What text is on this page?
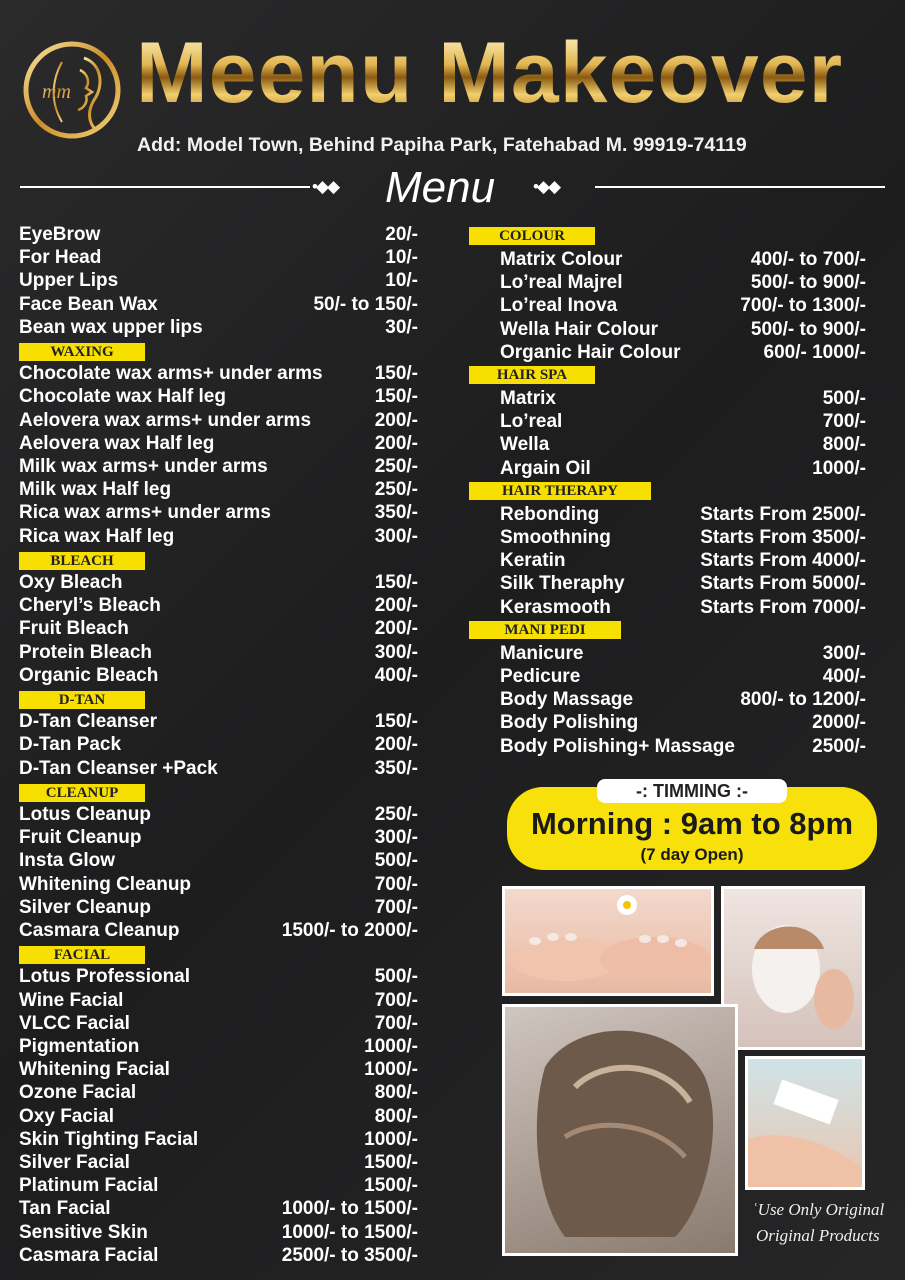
mm Meenu Makeover
Add: Model Town, Behind Papiha Park, Fatehabad M. 99919-74119
•◆◆ Menu •◆◆
EyeBrow	20/-
For Head	10/-
Upper Lips	10/-
Face Bean Wax	50/- to 150/-
Bean wax upper lips	30/-
WAXING
Chocolate wax arms+ under arms	150/-
Chocolate wax Half leg	150/-
Aelovera wax arms+ under arms	200/-
Aelovera wax Half leg	200/-
Milk wax arms+ under arms	250/-
Milk wax Half leg	250/-
Rica wax arms+ under arms	350/-
Rica wax Half leg	300/-
BLEACH
Oxy Bleach	150/-
Cheryl’s Bleach	200/-
Fruit Bleach	200/-
Protein Bleach	300/-
Organic Bleach	400/-
D-TAN
D-Tan Cleanser	150/-
D-Tan Pack	200/-
D-Tan Cleanser +Pack	350/-
CLEANUP
Lotus Cleanup	250/-
Fruit Cleanup	300/-
Insta Glow	500/-
Whitening Cleanup	700/-
Silver Cleanup	700/-
Casmara Cleanup	1500/- to 2000/-
FACIAL
Lotus Professional	500/-
Wine Facial	700/-
VLCC Facial	700/-
Pigmentation	1000/-
Whitening Facial	1000/-
Ozone Facial	800/-
Oxy Facial	800/-
Skin Tighting Facial	1000/-
Silver Facial	1500/-
Platinum Facial	1500/-
Tan Facial	1000/- to 1500/-
Sensitive Skin	1000/- to 1500/-
Casmara Facial	2500/- to 3500/-
COLOUR
Matrix Colour	400/- to 700/-
Lo’real Majrel	500/- to 900/-
Lo’real Inova	700/- to 1300/-
Wella Hair Colour	500/- to 900/-
Organic Hair Colour	600/- 1000/-
HAIR SPA
Matrix	500/-
Lo’real	700/-
Wella	800/-
Argain Oil	1000/-
HAIR THERAPY
Rebonding	Starts From 2500/-
Smoothning	Starts From 3500/-
Keratin	Starts From 4000/-
Silk Theraphy	Starts From 5000/-
Kerasmooth	Starts From 7000/-
MANI PEDI
Manicure	300/-
Pedicure	400/-
Body Massage	800/- to 1200/-
Body Polishing	2000/-
Body Polishing+ Massage	2500/-
-: TIMMING :-
Morning : 9am to 8pm
(7 day Open)
ʿUse Only Original
Original Products
